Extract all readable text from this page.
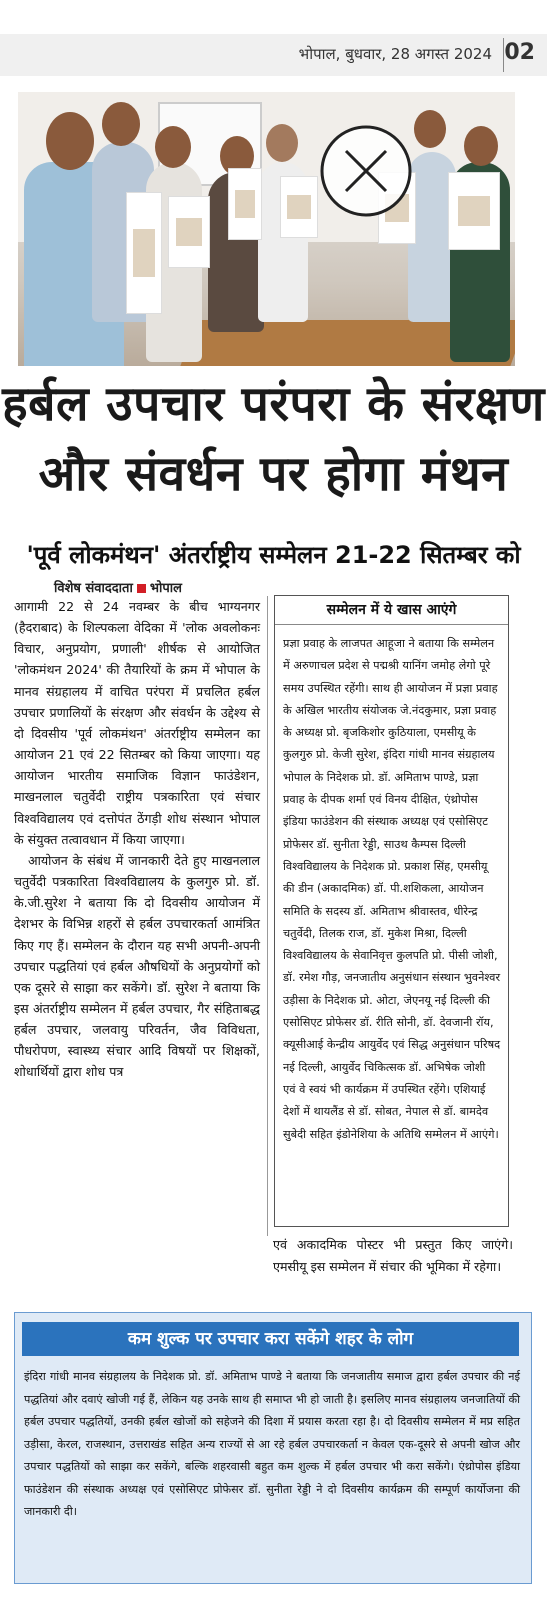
भोपाल, बुधवार, 28 अगस्त 2024 02
हर्बल उपचार परंपरा के संरक्षण
और संवर्धन पर होगा मंथन
'पूर्व लोकमंथन' अंतर्राष्ट्रीय सम्मेलन 21-22 सितम्बर को
विशेष संवाददाता भोपाल

आगामी 22 से 24 नवम्बर के बीच भाग्यनगर (हैदराबाद) के शिल्पकला वेदिका में 'लोक अवलोकनः विचार, अनुप्रयोग, प्रणाली' शीर्षक से आयोजित 'लोकमंथन 2024' की तैयारियों के क्रम में भोपाल के मानव संग्रहालय में वाचित परंपरा में प्रचलित हर्बल उपचार प्रणालियों के संरक्षण और संवर्धन के उद्देश्य से दो दिवसीय 'पूर्व लोकमंथन' अंतर्राष्ट्रीय सम्मेलन का आयोजन 21 एवं 22 सितम्बर को किया जाएगा। यह आयोजन भारतीय समाजिक विज्ञान फाउंडेशन, माखनलाल चतुर्वेदी राष्ट्रीय पत्रकारिता एवं संचार विश्वविद्यालय एवं दत्तोपंत ठेंगड़ी शोध संस्थान भोपाल के संयुक्त तत्वावधान में किया जाएगा।

आयोजन के संबंध में जानकारी देते हुए माखनलाल चतुर्वेदी पत्रकारिता विश्वविद्यालय के कुलगुरु प्रो. डॉ. के.जी.सुरेश ने बताया कि दो दिवसीय आयोजन में देशभर के विभिन्न शहरों से हर्बल उपचारकर्ता आमंत्रित किए गए हैं। सम्मेलन के दौरान यह सभी अपनी-अपनी उपचार पद्धतियां एवं हर्बल औषधियों के अनुप्रयोगों को एक दूसरे से साझा कर सकेंगे। डॉ. सुरेश ने बताया कि इस अंतर्राष्ट्रीय सम्मेलन में हर्बल उपचार, गैर संहिताबद्ध हर्बल उपचार, जलवायु परिवर्तन, जैव विविधता, पौधरोपण, स्वास्थ्य संचार आदि विषयों पर शिक्षकों, शोधार्थियों द्वारा शोध पत्र

सम्मेलन में ये खास आएंगे
प्रज्ञा प्रवाह के लाजपत आहूजा ने बताया कि सम्मेलन में अरुणाचल प्रदेश से पद्मश्री यानिंग जमोह लेगो पूरे समय उपस्थित रहेंगी। साथ ही आयोजन में प्रज्ञा प्रवाह के अखिल भारतीय संयोजक जे.नंदकुमार, प्रज्ञा प्रवाह के अध्यक्ष प्रो. बृजकिशोर कुठियाला, एमसीयू के कुलगुरु प्रो. केजी सुरेश, इंदिरा गांधी मानव संग्रहालय भोपाल के निदेशक प्रो. डॉ. अमिताभ पाण्डे, प्रज्ञा प्रवाह के दीपक शर्मा एवं विनय दीक्षित, एंथ्रोपोस इंडिया फाउंडेशन की संस्थाक अध्यक्ष एवं एसोसिएट प्रोफेसर डॉ. सुनीता रेड्डी, साउथ कैम्पस दिल्ली विश्वविद्यालय के निदेशक प्रो. प्रकाश सिंह, एमसीयू की डीन (अकादमिक) डॉ. पी.शशिकला, आयोजन समिति के सदस्य डॉ. अमिताभ श्रीवास्तव, धीरेन्द्र चतुर्वेदी, तिलक राज, डॉ. मुकेश मिश्रा, दिल्ली विश्वविद्यालय के सेवानिवृत्त कुलपति प्रो. पीसी जोशी, डॉ. रमेश गौड़, जनजातीय अनुसंधान संस्थान भुवनेश्वर उड़ीसा के निदेशक प्रो. ओटा, जेएनयू नई दिल्ली की एसोसिएट प्रोफेसर डॉ. रीति सोनी, डॉ. देवजानी रॉय, क्यूसीआई केन्द्रीय आयुर्वेद एवं सिद्ध अनुसंधान परिषद नई दिल्ली, आयुर्वेद चिकित्सक डॉ. अभिषेक जोशी एवं वे स्वयं भी कार्यक्रम में उपस्थित रहेंगे। एशियाई देशों में थायलैंड से डॉ. सोबत, नेपाल से डॉ. बामदेव सुबेदी सहित इंडोनेशिया के अतिथि सम्मेलन में आएंगे।
एवं अकादमिक पोस्टर भी प्रस्तुत किए जाएंगे। एमसीयू इस सम्मेलन में संचार की भूमिका में रहेगा।
कम शुल्क पर उपचार करा सकेंगे शहर के लोग
इंदिरा गांधी मानव संग्रहालय के निदेशक प्रो. डॉ. अमिताभ पाण्डे ने बताया कि जनजातीय समाज द्वारा हर्बल उपचार की नई पद्धतियां और दवाएं खोजी गई हैं, लेकिन यह उनके साथ ही समाप्त भी हो जाती है। इसलिए मानव संग्रहालय जनजातियों की हर्बल उपचार पद्धतियों, उनकी हर्बल खोजों को सहेजने की दिशा में प्रयास करता रहा है। दो दिवसीय सम्मेलन में मप्र सहित उड़ीसा, केरल, राजस्थान, उत्तराखंड सहित अन्य राज्यों से आ रहे हर्बल उपचारकर्ता न केवल एक-दूसरे से अपनी खोज और उपचार पद्धतियों को साझा कर सकेंगे, बल्कि शहरवासी बहुत कम शुल्क में हर्बल उपचार भी करा सकेंगे। एंथ्रोपोस इंडिया फाउंडेशन की संस्थाक अध्यक्ष एवं एसोसिएट प्रोफेसर डॉ. सुनीता रेड्डी ने दो दिवसीय कार्यक्रम की सम्पूर्ण कार्योजना की जानकारी दी।
